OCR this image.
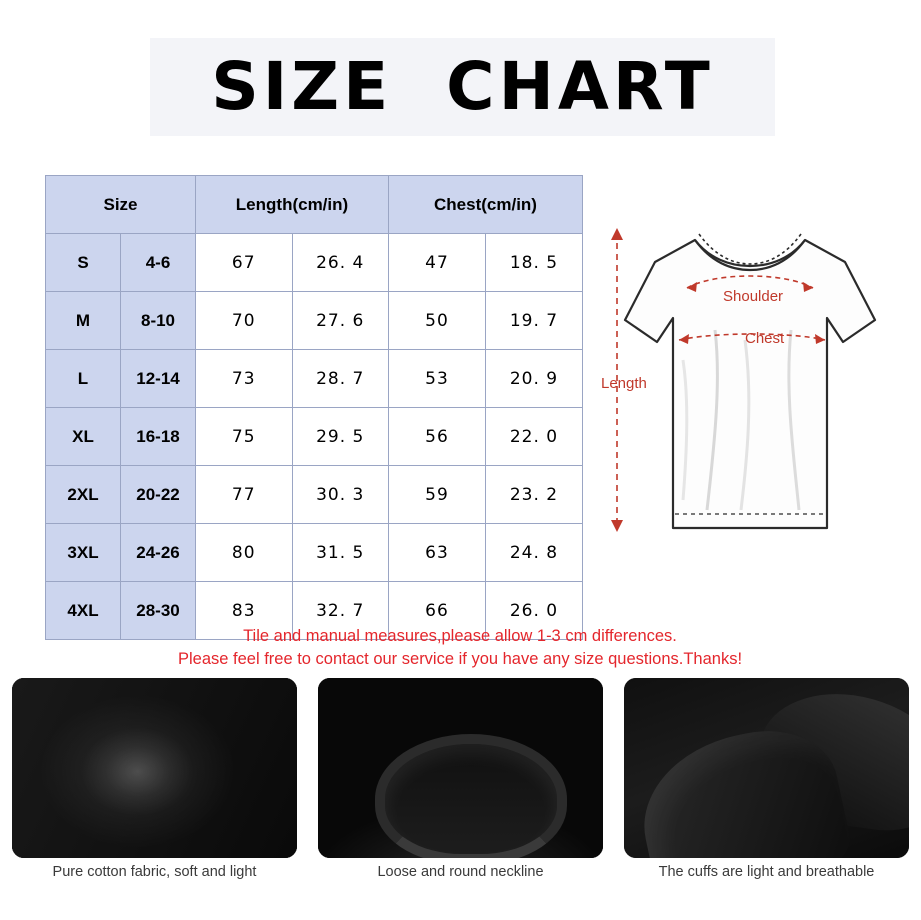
SIZE  CHART
Size		Length(cm/in)		Chest(cm/in)	
S	4-6	67	26. 4	47	18. 5
M	8-10	70	27. 6	50	19. 7
L	12-14	73	28. 7	53	20. 9
XL	16-18	75	29. 5	56	22. 0
2XL	20-22	77	30. 3	59	23. 2
3XL	24-26	80	31. 5	63	24. 8
4XL	28-30	83	32. 7	66	26. 0
Tile and manual measures,please allow 1-3 cm differences.
Please feel free to contact our service if you have any size questions.Thanks!
Shoulder
Chest
Length
Pure cotton fabric, soft and light	Loose and round neckline	The cuffs are light and breathable
